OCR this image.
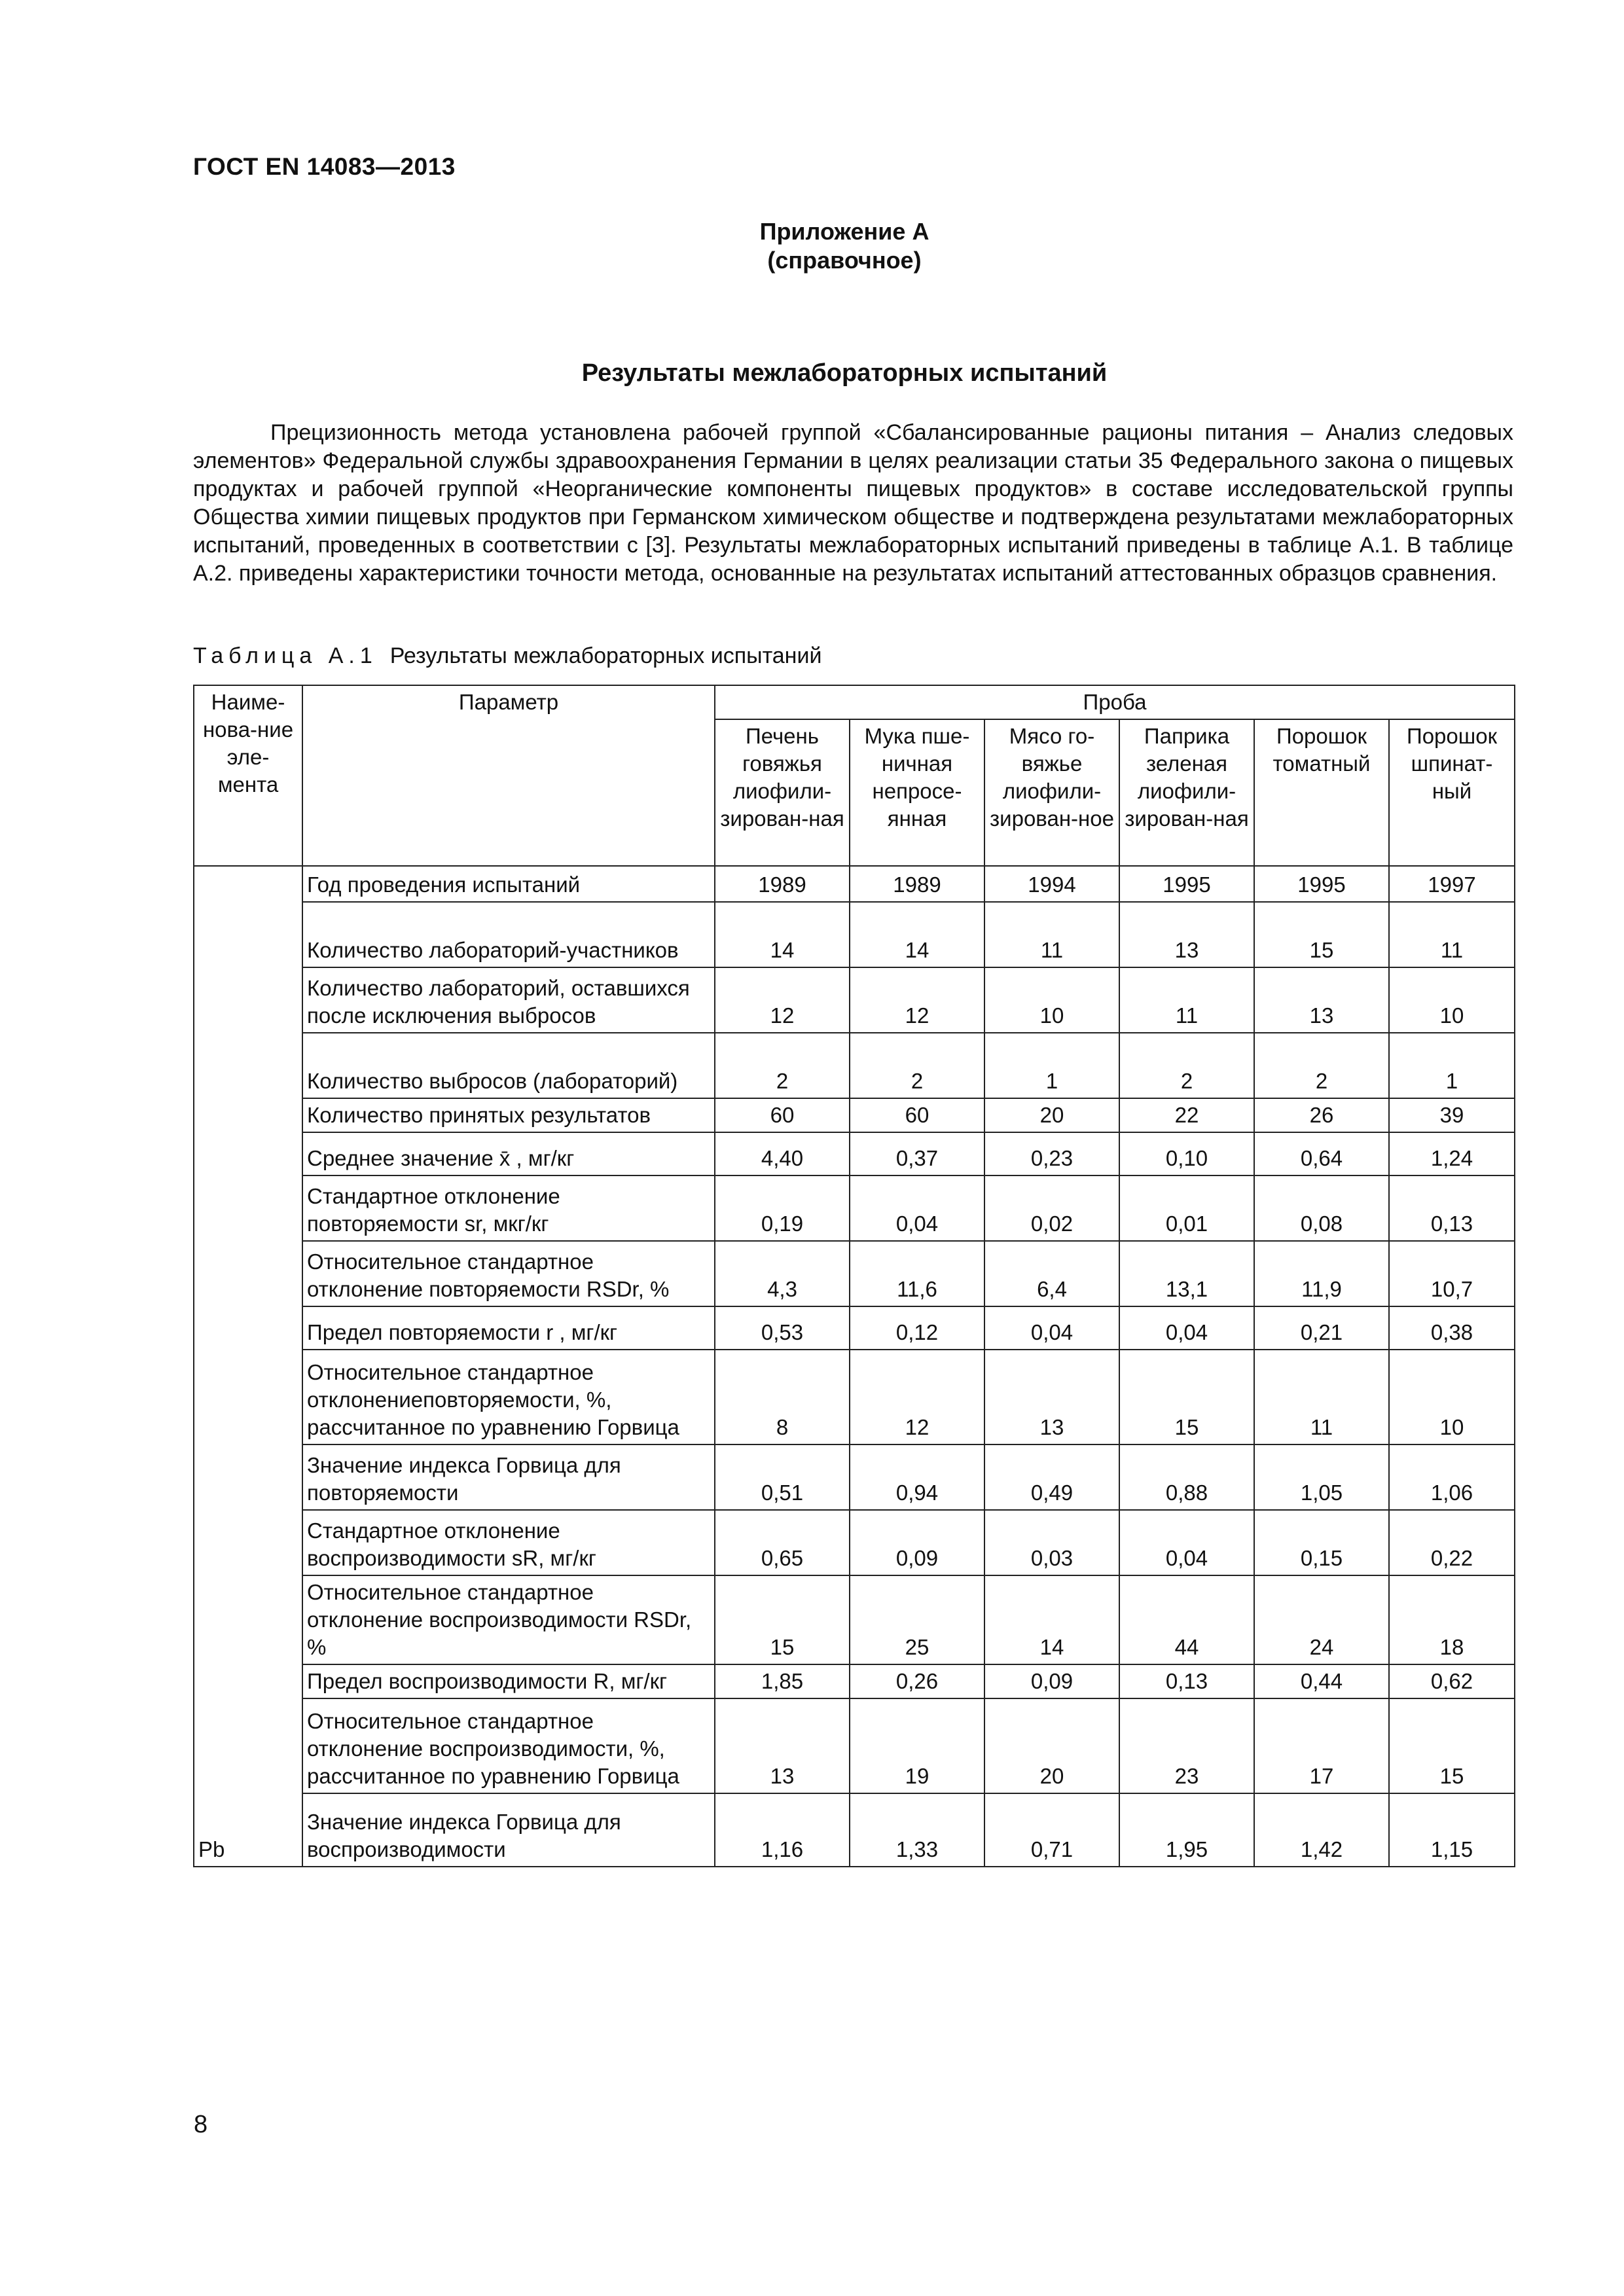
ГОСТ EN 14083—2013
Приложение А
(справочное)
Результаты межлабораторных испытаний
Прецизионность метода установлена рабочей группой «Сбалансированные рационы питания – Анализ следовых элементов» Федеральной службы здравоохранения Германии в целях реализации статьи 35 Федерального закона о пищевых продуктах и рабочей группой «Неорганические компоненты пищевых продуктов» в составе исследовательской группы Общества химии пищевых продуктов при Германском химическом обществе и подтверждена результатами межлабораторных испытаний, проведенных в соответствии с [3]. Результаты межлабораторных испытаний приведены в таблице А.1. В таблице А.2. приведены характеристики точности метода, основанные на результатах испытаний аттестованных образцов сравнения.
Таблица А.1 Результаты межлабораторных испытаний
Наиме-нова-ние эле-мента	Параметр	Проба					
		Печень говяжья лиофили-зирован-ная	Мука пше-ничная непросе-янная	Мясо го-вяжье лиофили-зирован-ное	Паприка зеленая лиофили-зирован-ная	Порошок томатный	Порошок шпинат-ный
Pb	Год проведения испытаний	1989	1989	1994	1995	1995	1997
	Количество лабораторий-участников	14	14	11	13	15	11
	Количество лабораторий, оставшихся после исключения выбросов	12	12	10	11	13	10
	Количество выбросов (лабораторий)	2	2	1	2	2	1
	Количество принятых результатов	60	60	20	22	26	39
	Среднее значение x̄ , мг/кг	4,40	0,37	0,23	0,10	0,64	1,24
	Стандартное отклонение повторяемости sr, мкг/кг	0,19	0,04	0,02	0,01	0,08	0,13
	Относительное стандартное отклонение повторяемости RSDr, %	4,3	11,6	6,4	13,1	11,9	10,7
	Предел повторяемости r , мг/кг	0,53	0,12	0,04	0,04	0,21	0,38
	Относительное стандартное отклонениеповторяемости, %, рассчитанное по уравнению Горвица	8	12	13	15	11	10
	Значение индекса Горвица для повторяемости	0,51	0,94	0,49	0,88	1,05	1,06
	Стандартное отклонение воспроизводимости sR, мг/кг	0,65	0,09	0,03	0,04	0,15	0,22
	Относительное стандартное отклонение воспроизводимости RSDr, %	15	25	14	44	24	18
	Предел воспроизводимости R, мг/кг	1,85	0,26	0,09	0,13	0,44	0,62
	Относительное стандартное отклонение воспроизводимости, %, рассчитанное по уравнению Горвица	13	19	20	23	17	15
	Значение индекса Горвица для воспроизводимости	1,16	1,33	0,71	1,95	1,42	1,15
8
